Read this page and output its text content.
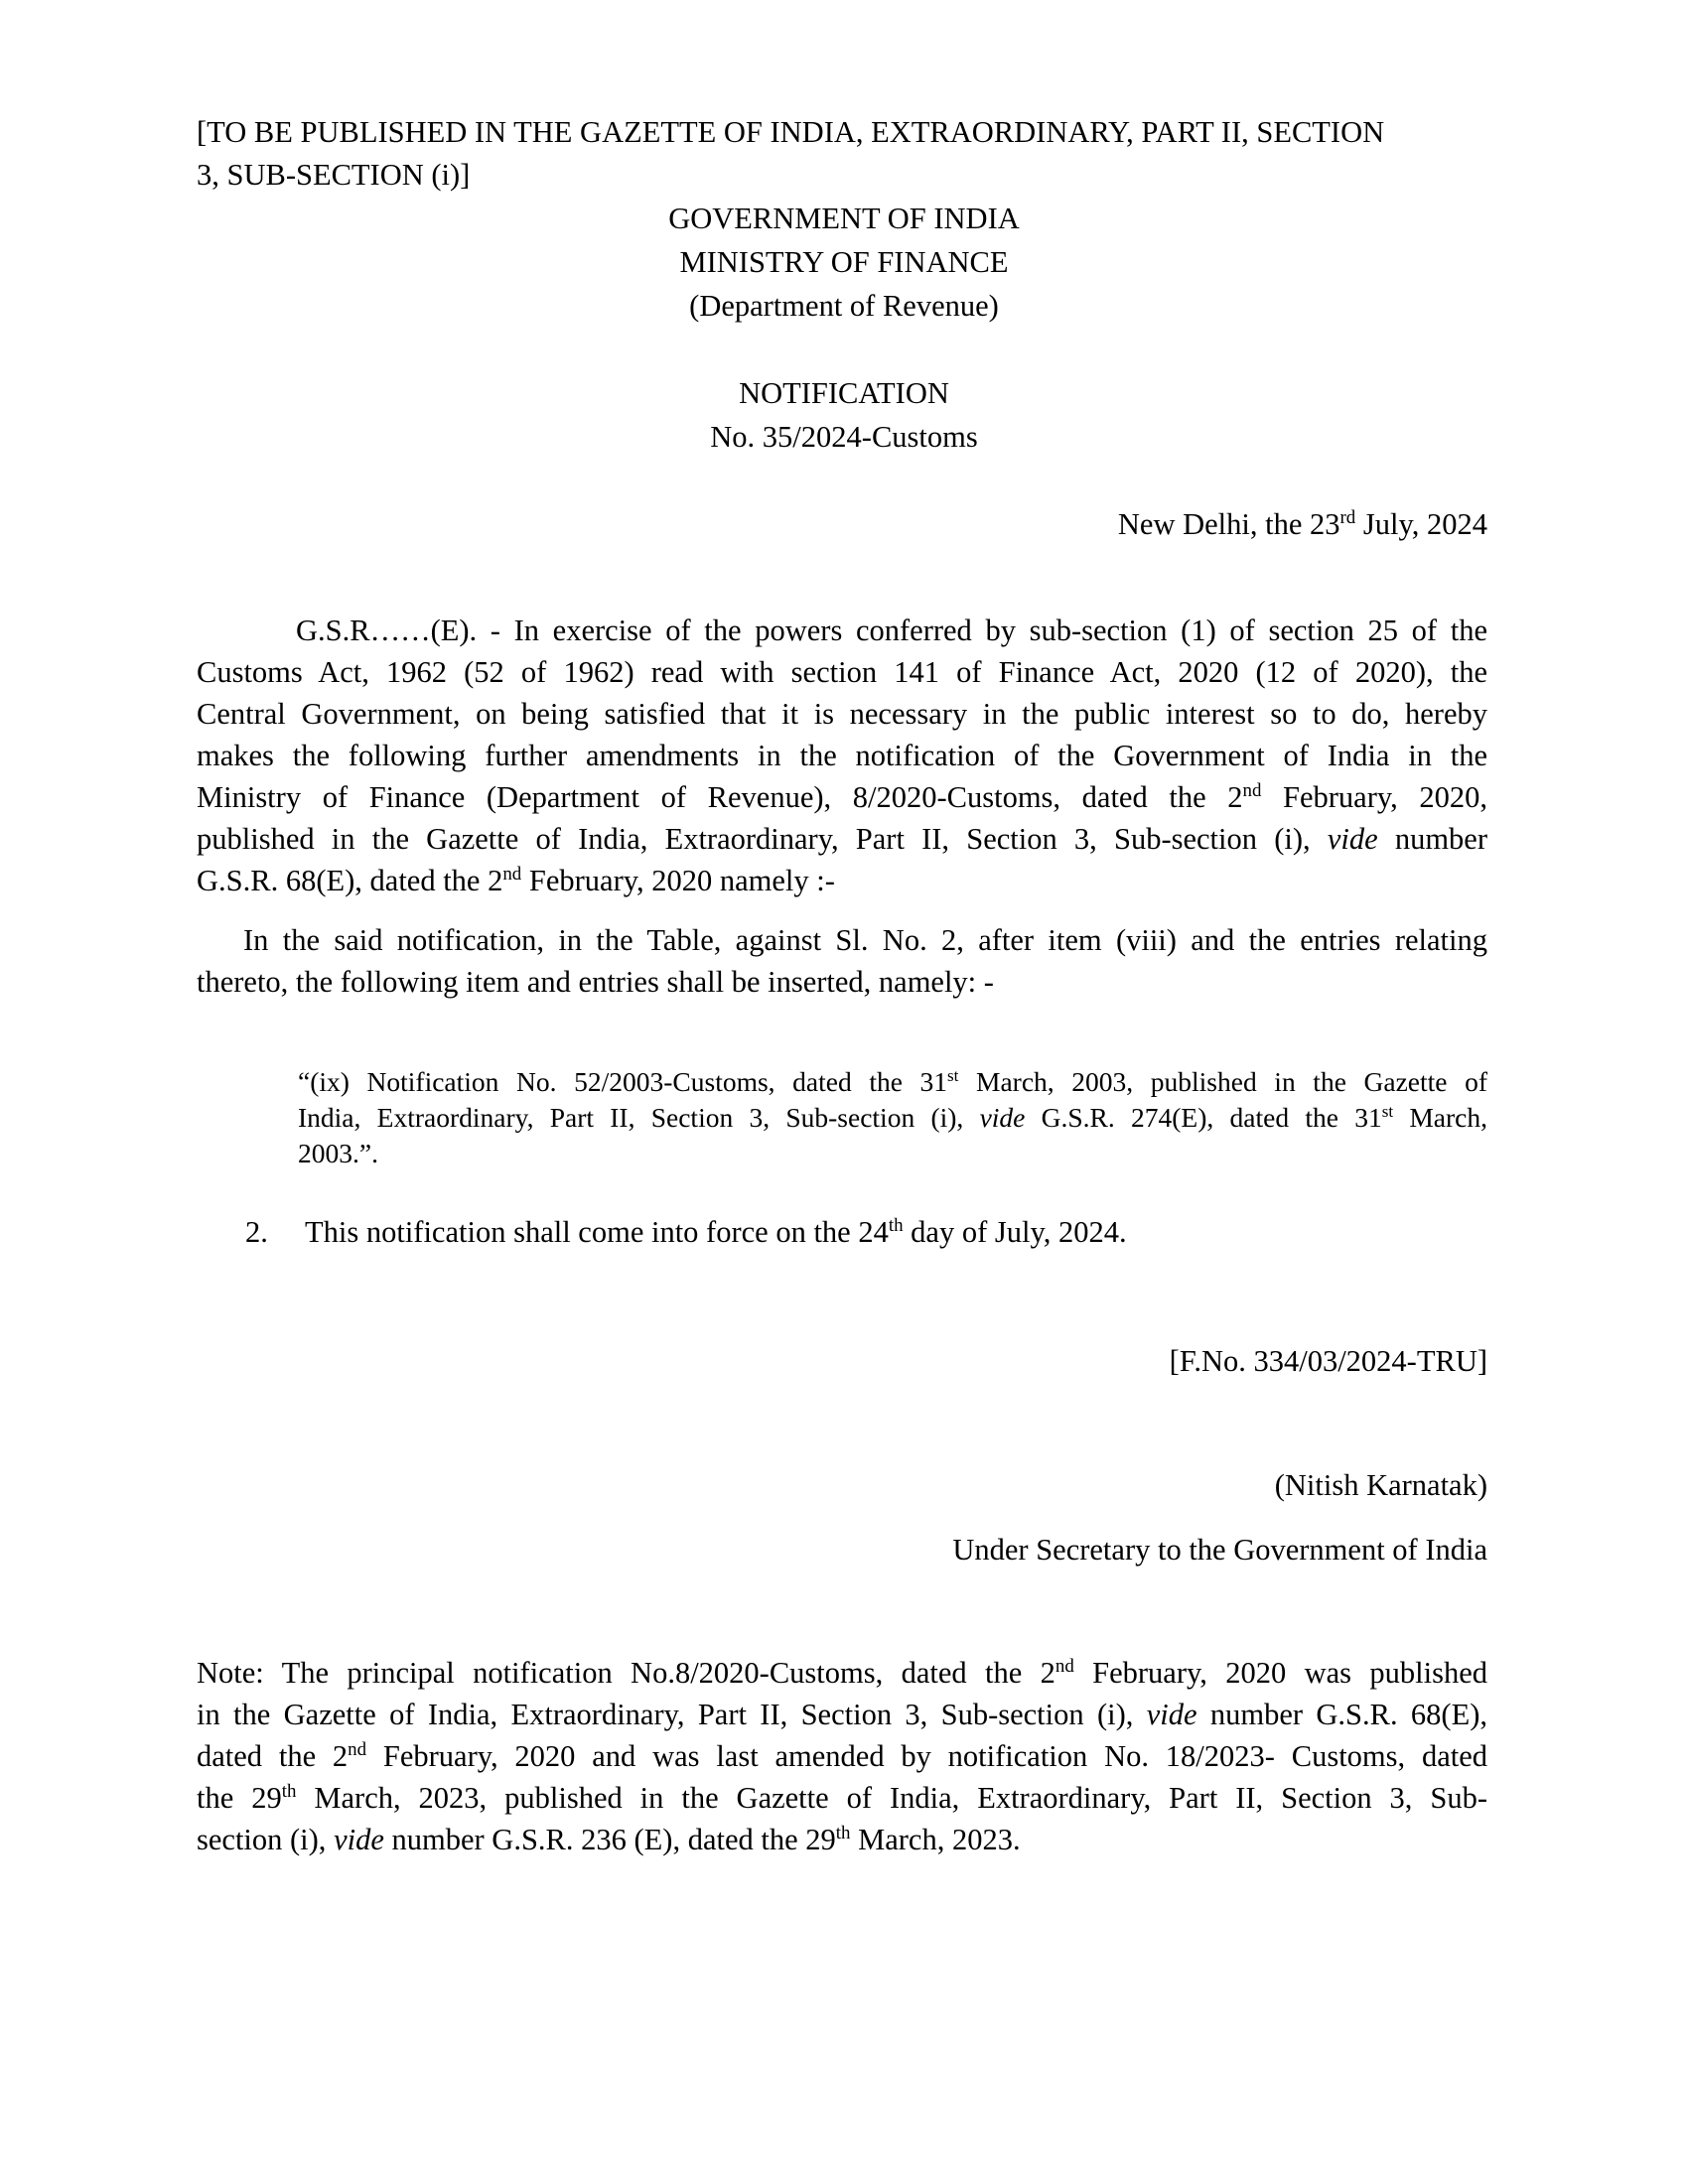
[TO BE PUBLISHED IN THE GAZETTE OF INDIA, EXTRAORDINARY, PART II, SECTION
3, SUB-SECTION (i)]
GOVERNMENT OF INDIA
MINISTRY OF FINANCE
(Department of Revenue)
NOTIFICATION
No. 35/2024-Customs
New Delhi, the 23rd July, 2024
G.S.R……(E). - In exercise of the powers conferred by sub-section (1) of section 25 of the
Customs Act, 1962 (52 of 1962) read with section 141 of Finance Act, 2020 (12 of 2020), the
Central Government, on being satisfied that it is necessary in the public interest so to do, hereby
makes the following further amendments in the notification of the Government of India in the
Ministry of Finance (Department of Revenue), 8/2020-Customs, dated the 2nd February, 2020,
published in the Gazette of India, Extraordinary, Part II, Section 3, Sub-section (i), vide number
G.S.R. 68(E), dated the 2nd February, 2020 namely :-
In the said notification, in the Table, against Sl. No. 2, after item (viii) and the entries relating
thereto, the following item and entries shall be inserted, namely: -
“(ix) Notification No. 52/2003-Customs, dated the 31st March, 2003, published in the Gazette of
India, Extraordinary, Part II, Section 3, Sub-section (i), vide G.S.R. 274(E), dated the 31st March,
2003.”.
2. This notification shall come into force on the 24th day of July, 2024.
[F.No. 334/03/2024-TRU]
(Nitish Karnatak)
Under Secretary to the Government of India
Note: The principal notification No.8/2020-Customs, dated the 2nd February, 2020 was published
in the Gazette of India, Extraordinary, Part II, Section 3, Sub-section (i), vide number G.S.R. 68(E),
dated the 2nd February, 2020 and was last amended by notification No. 18/2023- Customs, dated
the 29th March, 2023, published in the Gazette of India, Extraordinary, Part II, Section 3, Sub-
section (i), vide number G.S.R. 236 (E), dated the 29th March, 2023.
